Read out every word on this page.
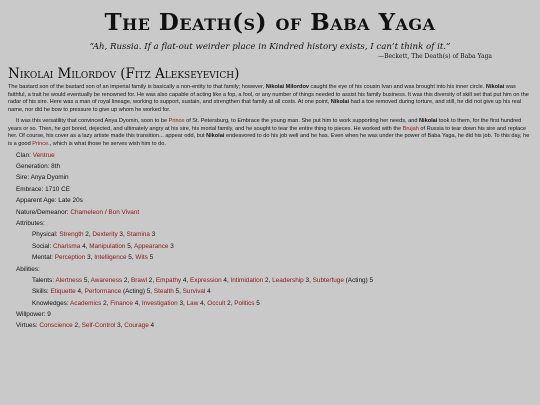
The Death(s) of Baba Yaga
“Ah, Russia. If a flat-out weirder place in Kindred history exists, I can’t think of it.”
—Beckett, The Death(s) of Baba Yaga
Nikolai Milordov (Fitz Alekseyevich)

The bastard son of the bastard son of an imperial family is basically a non-entity to that family; however, Nikolai Milordov caught the eye of his cousin Ivan and was brought into his inner circle. Nikolai was faithful, a trait he would eventually be renowned for. He was also capable of acting like a fop, a fool, or any number of things needed to assist his family business. It was this diversity of skill set that put him on the radar of his sire. Here was a man of royal lineage, working to support, sustain, and strengthen that family at all costs. At one point, Nikolai had a toe removed during torture, and still, he did not give up his real name, nor did he bow to pressure to give up whom he worked for.

It was this versatility that convinced Anya Dyomin, soon to be Prince of St. Petersburg, to Embrace the young man. She put him to work supporting her needs, and Nikolai took to them, for the first hundred years or so. Then, he got bored, dejected, and ultimately angry at his sire, his mortal family, and he sought to tear the entire thing to pieces. He worked with the Brujah of Russia to tear down his sire and replace her. Of course, his cover as a lazy artiste made this transition... appear odd, but Nikolai endeavored to do his job well and he has. Even when he was under the power of Baba Yaga, he did his job. To this day, he is a good Prince., which is what those he serves wish him to do.

Clan: Ventrue
Generation: 8th
Sire: Anya Dyomin
Embrace: 1710 CE
Apparent Age: Late 20s
Nature/Demeanor: Chameleon / Bon Vivant
Attributes:
Physical: Strength 2, Dexterity 3, Stamina 3
Social: Charisma 4, Manipulation 5, Appearance 3
Mental: Perception 3, Intelligence 5, Wits 5
Abilities:
Talents: Alertness 5, Awareness 2, Brawl 2, Empathy 4, Expression 4, Intimidation 2, Leadership 3, Subterfuge (Acting) 5
Skills: Etiquette 4, Performance (Acting) 5, Stealth 5, Survival 4
Knowledges: Academics 2, Finance 4, Investigation 3, Law 4, Occult 2, Politics 5
Willpower: 9
Virtues: Conscience 2, Self-Control 3, Courage 4
